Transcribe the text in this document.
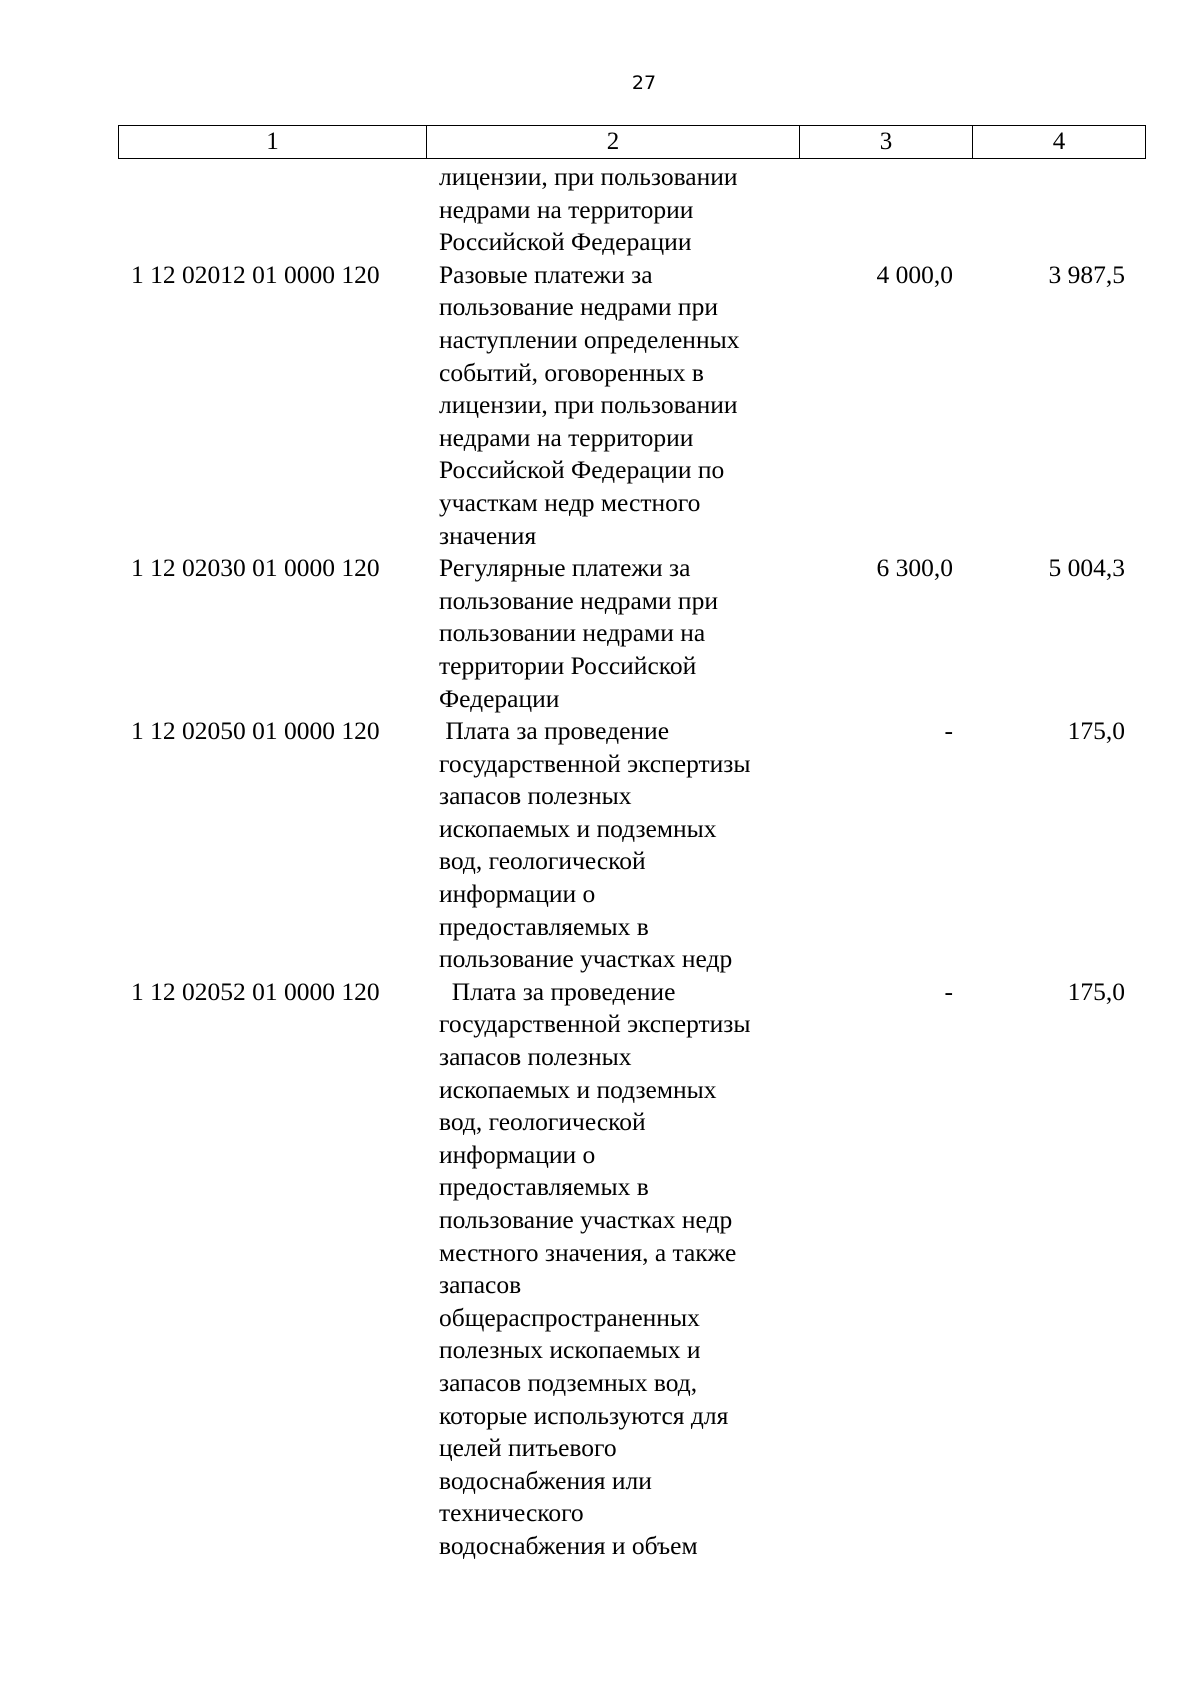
27
1	2	3	4
лицензии, при пользовании
недрами на территории
Российской Федерации
1 12 02012 01 0000 120	Разовые платежи за
пользование недрами при
наступлении определенных
событий, оговоренных в
лицензии, при пользовании
недрами на территории
Российской Федерации по
участкам недр местного
значения
4 000,0	3 987,5
1 12 02030 01 0000 120	Регулярные платежи за
пользование недрами при
пользовании недрами на
территории Российской
Федерации
6 300,0	5 004,3
1 12 02050 01 0000 120	Плата за проведение
государственной экспертизы
запасов полезных
ископаемых и подземных
вод, геологической
информации о
предоставляемых в
пользование участках недр
-	175,0
1 12 02052 01 0000 120	Плата за проведение
государственной экспертизы
запасов полезных
ископаемых и подземных
вод, геологической
информации о
предоставляемых в
пользование участках недр
местного значения, а также
запасов
общераспространенных
полезных ископаемых и
запасов подземных вод,
которые используются для
целей питьевого
водоснабжения или
технического
водоснабжения и объем
-	175,0
